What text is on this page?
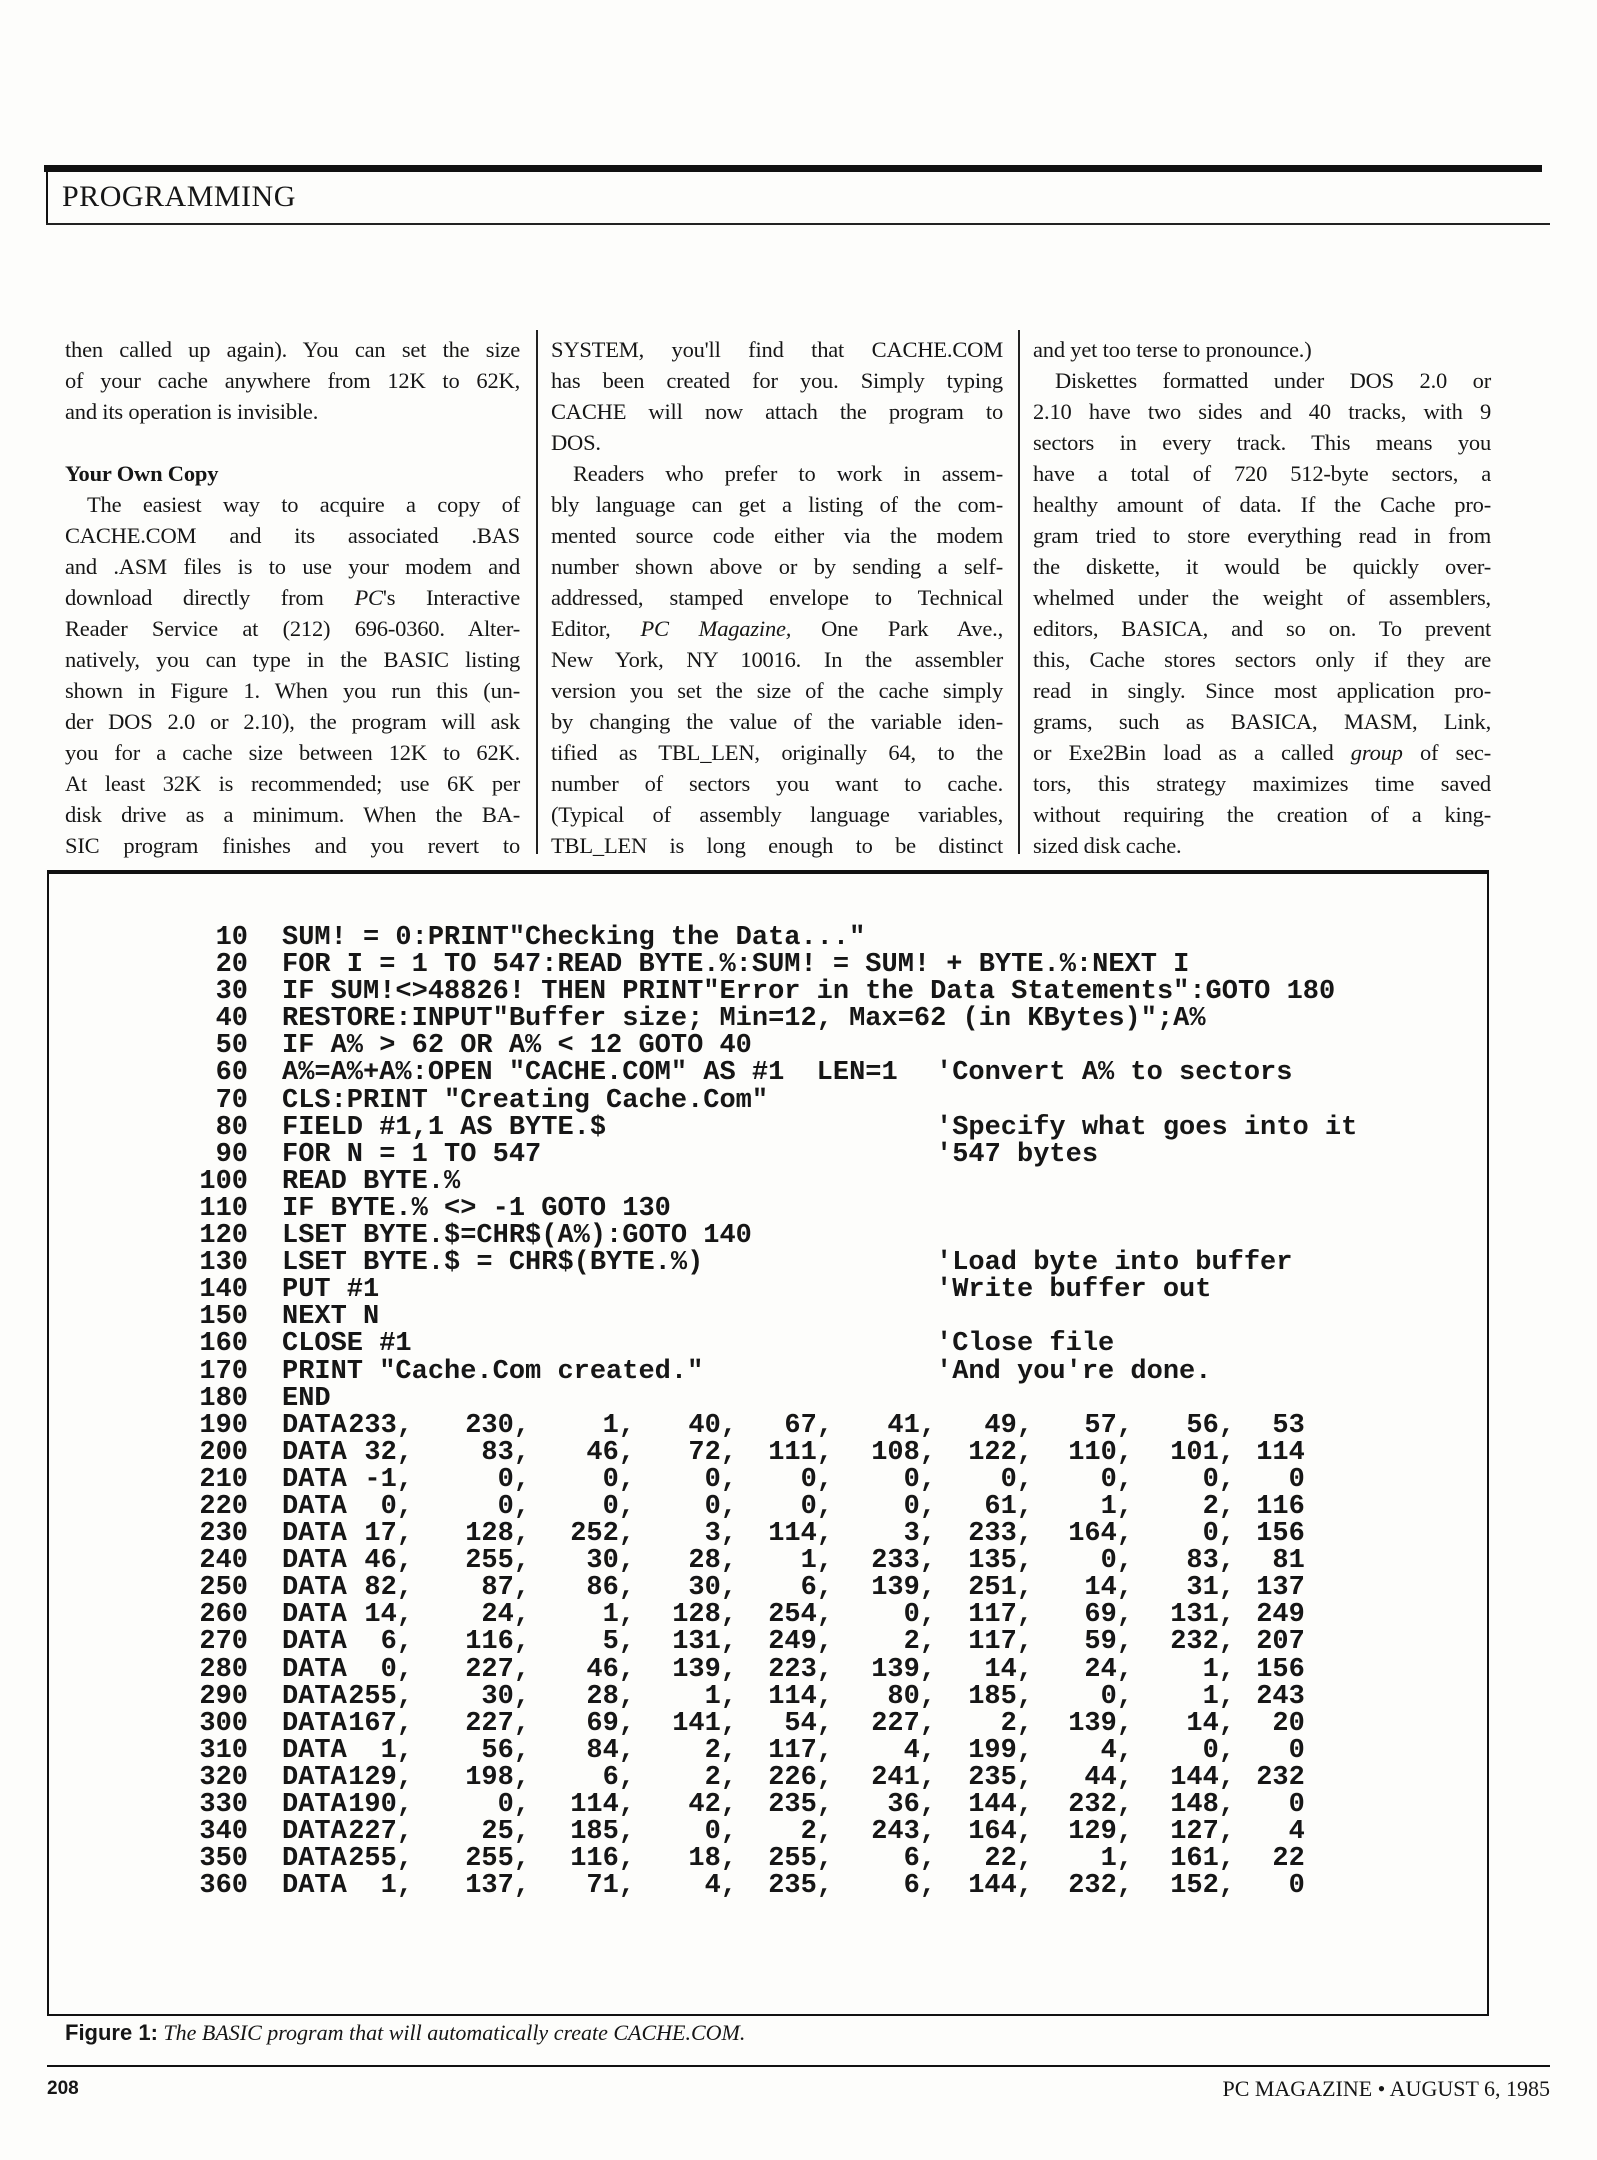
PROGRAMMING
then called up again). You can set the size
of your cache anywhere from 12K to 62K,
and its operation is invisible.
Your Own Copy
The easiest way to acquire a copy of
CACHE.COM and its associated .BAS
and .ASM files is to use your modem and
download directly from PC's Interactive
Reader Service at (212) 696-0360. Alter-
natively, you can type in the BASIC listing
shown in Figure 1. When you run this (un-
der DOS 2.0 or 2.10), the program will ask
you for a cache size between 12K to 62K.
At least 32K is recommended; use 6K per
disk drive as a minimum. When the BA-
SIC program finishes and you revert to
SYSTEM, you'll find that CACHE.COM
has been created for you. Simply typing
CACHE will now attach the program to
DOS.
Readers who prefer to work in assem-
bly language can get a listing of the com-
mented source code either via the modem
number shown above or by sending a self-
addressed, stamped envelope to Technical
Editor, PC Magazine, One Park Ave.,
New York, NY 10016. In the assembler
version you set the size of the cache simply
by changing the value of the variable iden-
tified as TBL_LEN, originally 64, to the
number of sectors you want to cache.
(Typical of assembly language variables,
TBL_LEN is long enough to be distinct
and yet too terse to pronounce.)
Diskettes formatted under DOS 2.0 or
2.10 have two sides and 40 tracks, with 9
sectors in every track. This means you
have a total of 720 512-byte sectors, a
healthy amount of data. If the Cache pro-
gram tried to store everything read in from
the diskette, it would be quickly over-
whelmed under the weight of assemblers,
editors, BASICA, and so on. To prevent
this, Cache stores sectors only if they are
read in singly. Since most application pro-
grams, such as BASICA, MASM, Link,
or Exe2Bin load as a called group of sec-
tors, this strategy maximizes time saved
without requiring the creation of a king-
sized disk cache.
10 SUM! = 0:PRINT"Checking the Data..."
20 FOR I = 1 TO 547:READ BYTE.%:SUM! = SUM! + BYTE.%:NEXT I
30 IF SUM!<>48826! THEN PRINT"Error in the Data Statements":GOTO 180
40 RESTORE:INPUT"Buffer size; Min=12, Max=62 (in KBytes)";A%
50 IF A% > 62 OR A% < 12 GOTO 40
60 A%=A%+A%:OPEN "CACHE.COM" AS #1  LEN=1 'Convert A% to sectors
70 CLS:PRINT "Creating Cache.Com"
80 FIELD #1,1 AS BYTE.$	'Specify what goes into it
90 FOR N = 1 TO 547	'547 bytes
100 READ BYTE.%
110 IF BYTE.% <> -1 GOTO 130
120 LSET BYTE.$=CHR$(A%):GOTO 140
130 LSET BYTE.$ = CHR$(BYTE.%)	'Load byte into buffer
140 PUT #1	'Write buffer out
150 NEXT N
160 CLOSE #1	'Close file
170 PRINT "Cache.Com created."	'And you're done.
180 END
190 DATA 233, 230,	1, 40, 67, 41, 49, 57, 56, 53
200 DATA 32,	83, 46, 72, 111, 108, 122, 110, 101, 114
210 DATA -1,	0,	0,	0, 0,	0, 0,	0,	0, 0
220 DATA 0,	0,	0,	0, 0,	0, 61,	1,	2, 116
230 DATA 17, 128, 252,	3, 114,	3, 233, 164,	0, 156
240 DATA 46, 255, 30, 28, 1, 233, 135,	0, 83, 81
250 DATA 82,	87, 86, 30, 6, 139, 251, 14, 31, 137
260 DATA 14,	24,	1, 128, 254,	0, 117, 69, 131, 249
270 DATA 6, 116,	5, 131, 249,	2, 117, 59, 232, 207
280 DATA 0, 227, 46, 139, 223, 139, 14, 24,	1, 156
290 DATA 255,	30, 28,	1, 114, 80, 185,	0,	1, 243
300 DATA 167, 227, 69, 141, 54, 227, 2, 139, 14, 20
310 DATA 1,	56, 84,	2, 117,	4, 199,	4,	0, 0
320 DATA 129, 198,	6,	2, 226, 241, 235, 44, 144, 232
330 DATA 190,	0, 114, 42, 235, 36, 144, 232, 148, 0
340 DATA 227,	25, 185,	0, 2, 243, 164, 129, 127, 4
350 DATA 255, 255, 116, 18, 255,	6, 22,	1, 161, 22
360 DATA 1, 137, 71,	4, 235,	6, 144, 232, 152, 0
Figure 1: The BASIC program that will automatically create CACHE.COM.
208	PC MAGAZINE • AUGUST 6, 1985
